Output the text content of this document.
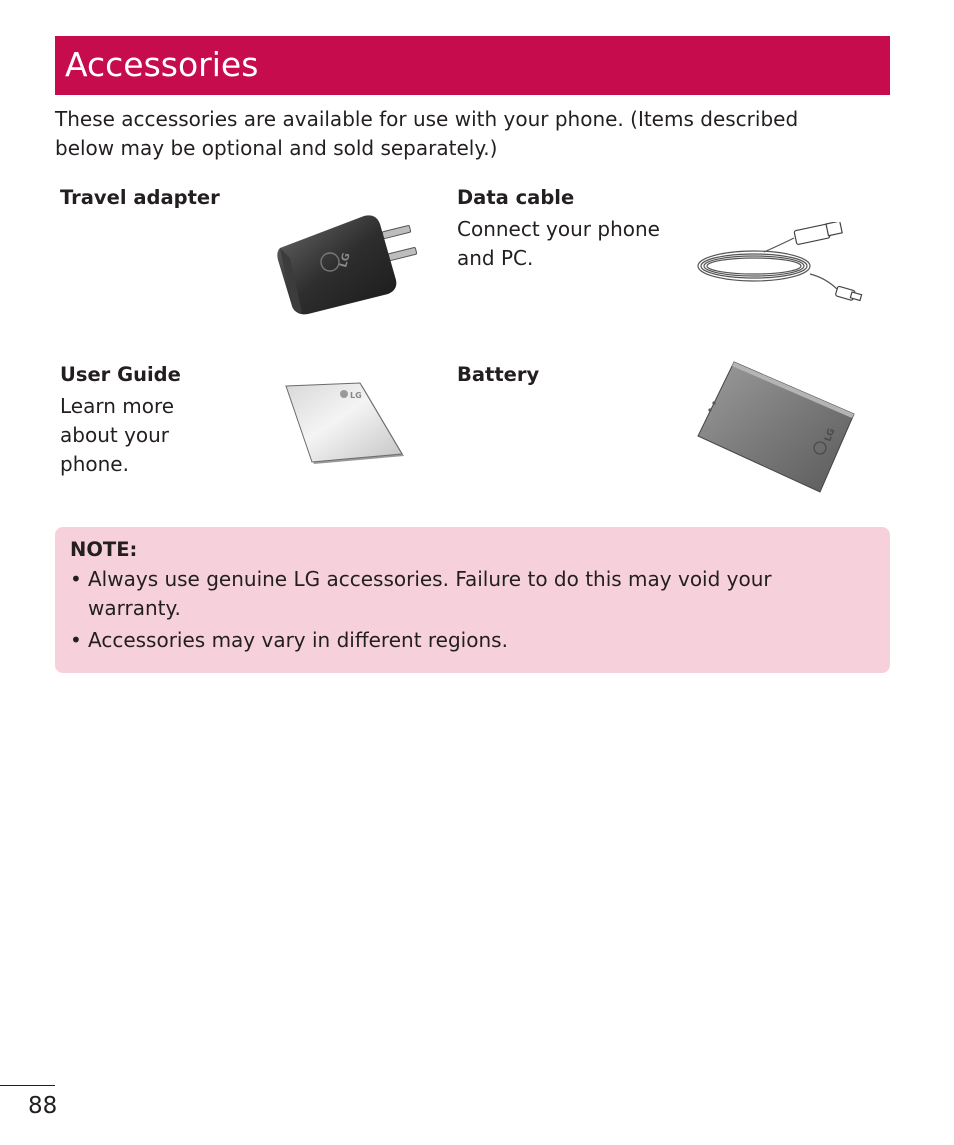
Accessories

These accessories are available for use with your phone. (Items described below may be optional and sold separately.)

Travel adapter

LG

Data cable

Connect your phone and PC.

User Guide

Learn more about your phone.

LG

Battery

LG

NOTE:

• Always use genuine LG accessories. Failure to do this may void your warranty.
• Accessories may vary in different regions.

88
